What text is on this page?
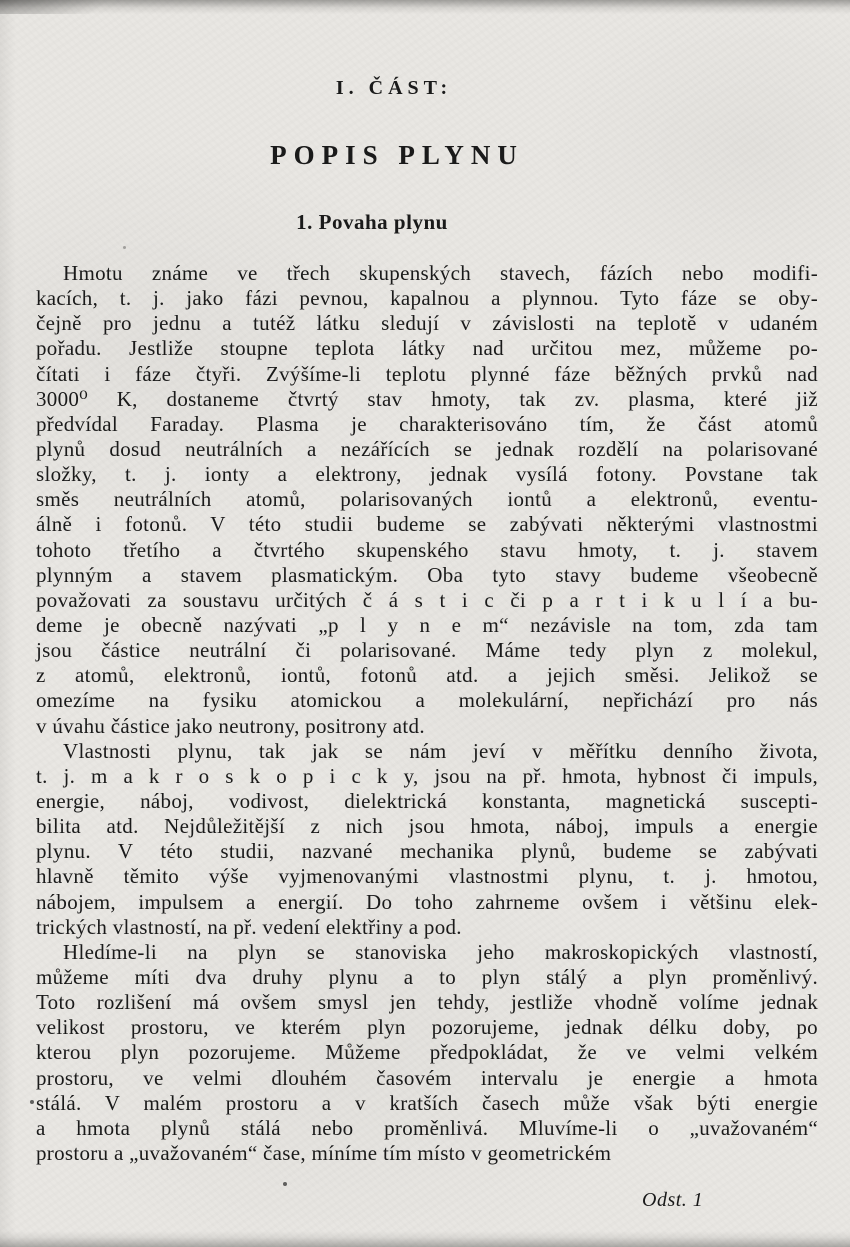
I. ČÁST:
POPIS PLYNU
1. Povaha plynu

Hmotu známe ve třech skupenských stavech, fázích nebo modifi-
kacích, t. j. jako fázi pevnou, kapalnou a plynnou. Tyto fáze se oby-
čejně pro jednu a tutéž látku sledují v závislosti na teplotě v udaném
pořadu. Jestliže stoupne teplota látky nad určitou mez, můžeme po-
čítati i fáze čtyři. Zvýšíme-li teplotu plynné fáze běžných prvků nad
3000⁰ K, dostaneme čtvrtý stav hmoty, tak zv. plasma, které již
předvídal Faraday. Plasma je charakterisováno tím, že část atomů
plynů dosud neutrálních a nezářících se jednak rozdělí na polarisované
složky, t. j. ionty a elektrony, jednak vysílá fotony. Povstane tak
směs neutrálních atomů, polarisovaných iontů a elektronů, eventu-
álně i fotonů. V této studii budeme se zabývati některými vlastnostmi
tohoto třetího a čtvrtého skupenského stavu hmoty, t. j. stavem
plynným a stavem plasmatickým. Oba tyto stavy budeme všeobecně
považovati za soustavu určitých č á s t i c či p a r t i k u l í a bu-
deme je obecně nazývati „p l y n e m“ nezávisle na tom, zda tam
jsou částice neutrální či polarisované. Máme tedy plyn z molekul,
z atomů, elektronů, iontů, fotonů atd. a jejich směsi. Jelikož se
omezíme na fysiku atomickou a molekulární, nepřichází pro nás
v úvahu částice jako neutrony, positrony atd.

Vlastnosti plynu, tak jak se nám jeví v měřítku denního života,
t. j. m a k r o s k o p i c k y, jsou na př. hmota, hybnost či impuls,
energie, náboj, vodivost, dielektrická konstanta, magnetická suscepti-
bilita atd. Nejdůležitější z nich jsou hmota, náboj, impuls a energie
plynu. V této studii, nazvané mechanika plynů, budeme se zabývati
hlavně těmito výše vyjmenovanými vlastnostmi plynu, t. j. hmotou,
nábojem, impulsem a energií. Do toho zahrneme ovšem i většinu elek-
trických vlastností, na př. vedení elektřiny a pod.

Hledíme-li na plyn se stanoviska jeho makroskopických vlastností,
můžeme míti dva druhy plynu a to plyn stálý a plyn proměnlivý.
Toto rozlišení má ovšem smysl jen tehdy, jestliže vhodně volíme jednak
velikost prostoru, ve kterém plyn pozorujeme, jednak délku doby, po
kterou plyn pozorujeme. Můžeme předpokládat, že ve velmi velkém
prostoru, ve velmi dlouhém časovém intervalu je energie a hmota
stálá. V malém prostoru a v kratších časech může však býti energie
a hmota plynů stálá nebo proměnlivá. Mluvíme-li o „uvažovaném“
prostoru a „uvažovaném“ čase, míníme tím místo v geometrickém

Odst. 1
